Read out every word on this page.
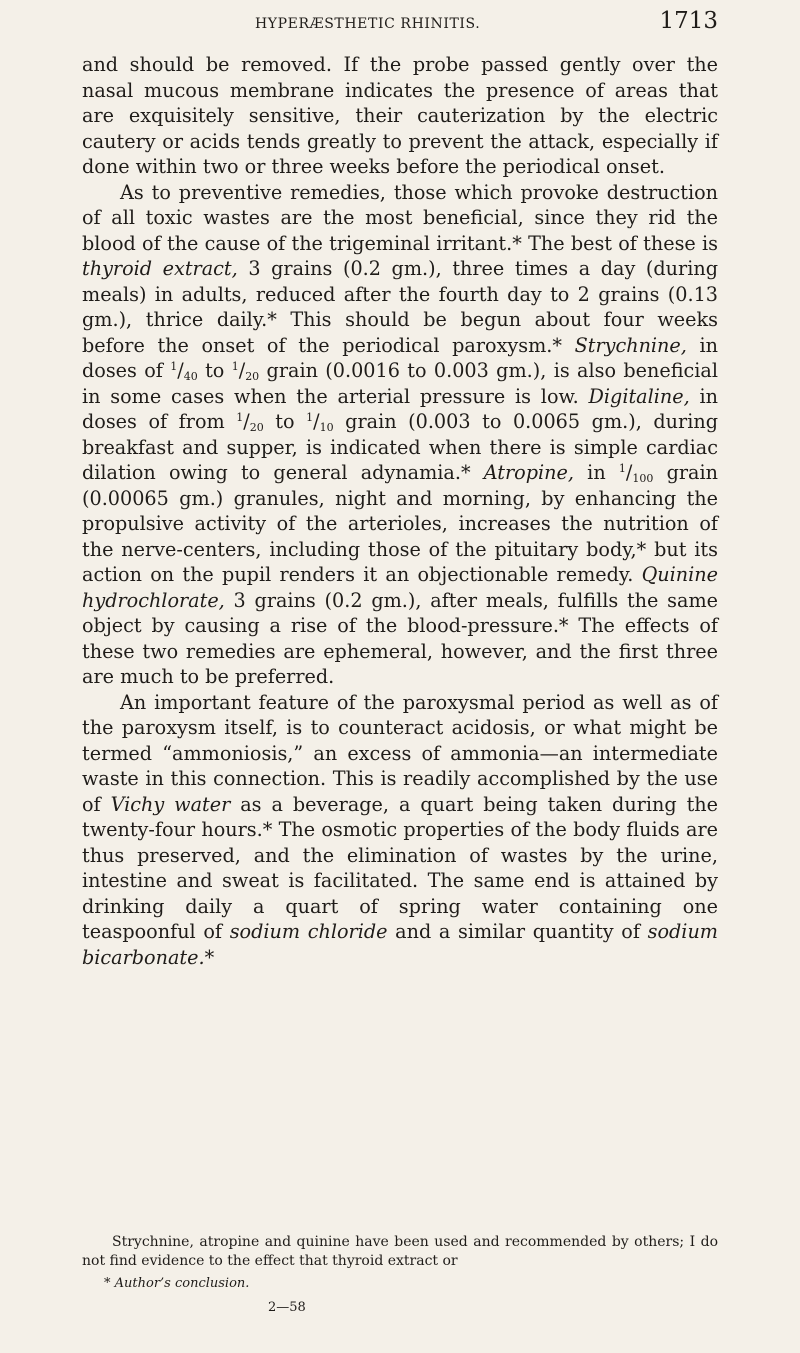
HYPERÆSTHETIC RHINITIS.	1713

and should be removed. If the probe passed gently over the nasal mucous membrane indicates the presence of areas that are exquisitely sensitive, their cauterization by the electric cautery or acids tends greatly to prevent the attack, especially if done within two or three weeks before the periodical onset.

As to preventive remedies, those which provoke destruction of all toxic wastes are the most beneficial, since they rid the blood of the cause of the trigeminal irritant.* The best of these is thyroid extract, 3 grains (0.2 gm.), three times a day (during meals) in adults, reduced after the fourth day to 2 grains (0.13 gm.), thrice daily.* This should be begun about four weeks before the onset of the periodical paroxysm.* Strychnine, in doses of $^1/_{40}$ to $^1/_{20}$ grain (0.0016 to 0.003 gm.), is also beneficial in some cases when the arterial pressure is low. Digitaline, in doses of from $^1/_{20}$ to $^1/_{10}$ grain (0.003 to 0.0065 gm.), during breakfast and supper, is indicated when there is simple cardiac dilation owing to general adynamia.* Atropine, in $^1/_{100}$ grain (0.00065 gm.) granules, night and morning, by enhancing the propulsive activity of the arterioles, increases the nutrition of the nerve-centers, including those of the pituitary body,* but its action on the pupil renders it an objectionable remedy. Quinine hydrochlorate, 3 grains (0.2 gm.), after meals, fulfills the same object by causing a rise of the blood-pressure.* The effects of these two remedies are ephemeral, however, and the first three are much to be preferred.

An important feature of the paroxysmal period as well as of the paroxysm itself, is to counteract acidosis, or what might be termed “ammoniosis,” an excess of ammonia—an intermediate waste in this connection. This is readily accomplished by the use of Vichy water as a beverage, a quart being taken during the twenty-four hours.* The osmotic properties of the body fluids are thus preserved, and the elimination of wastes by the urine, intestine and sweat is facilitated. The same end is attained by drinking daily a quart of spring water containing one teaspoonful of sodium chloride and a similar quantity of sodium bicarbonate.*

Strychnine, atropine and quinine have been used and recommended by others; I do not find evidence to the effect that thyroid extract or
* Author’s conclusion.
2—58
